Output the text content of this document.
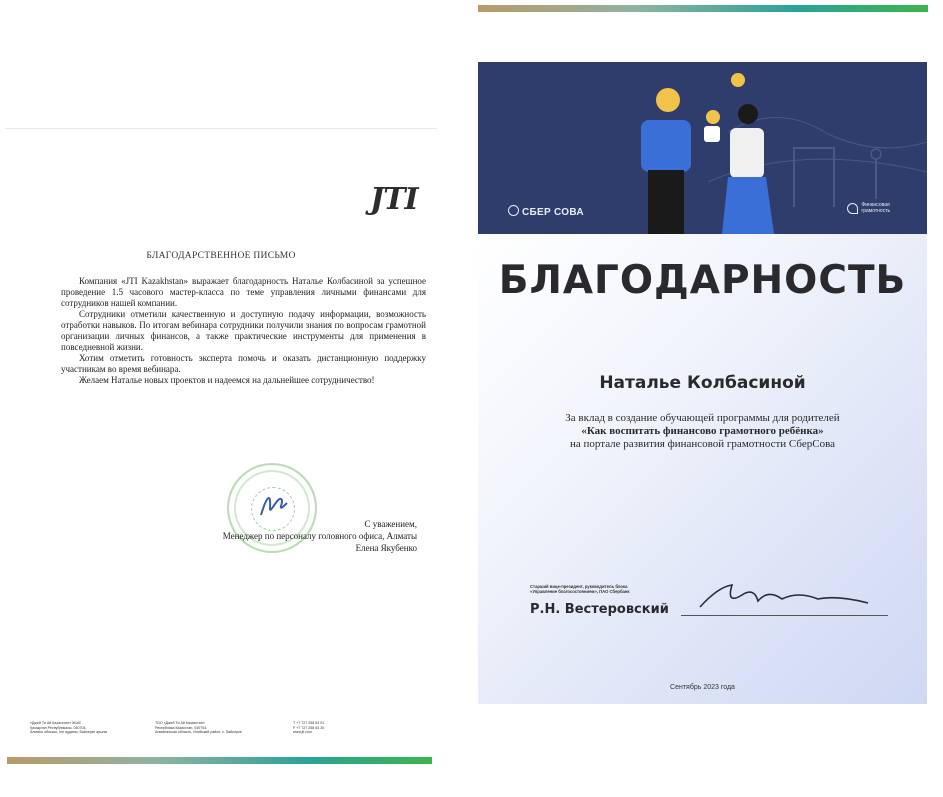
JTI
БЛАГОДАРСТВЕННОЕ ПИСЬМО

Компания «JTI Kazakhstan» выражает благодарность Наталье Колбасиной за успешное проведение 1.5 часового мастер-класса по теме управления личными финансами для сотрудников нашей компании.

Сотрудники отметили качественную и доступную подачу информации, возможность отработки навыков. По итогам вебинара сотрудники получили знания по вопросам грамотной организации личных финансов, а также практические инструменты для применения в повседневной жизни.

Хотим отметить готовность эксперта помочь и оказать дистанционную поддержку участникам во время вебинара.

Желаем Наталье новых проектов и надеемся на дальнейшее сотрудничество!

С уважением,
Менеджер по персоналу головного офиса, Алматы
Елена Якубенко
«Джей Ти Ай Казахстан» ЖШС
Қазақстан Республикасы, 040704,
Алматы облысы, Іле ауданы, Байсерке ауылы
ТОО «Джей Ти Ай Казахстан»
Республика Казахстан, 040704,
Алматинская область, Илийский район, с. Байсерке
T +7 727 258 63 01
F +7 727 258 63 30
www.jti.com
СБЕР СОВА

Финансовая
грамотность
БЛАГОДАРНОСТЬ
Наталье Колбасиной
За вклад в создание обучающей программы для родителей
«Как воспитать финансово грамотного ребёнка»
на портале развития финансовой грамотности СберСова
Старший вице-президент, руководитель блока
«Управление благосостоянием», ПАО Сбербанк
Р.Н. Вестеровский
Сентябрь 2023 года
